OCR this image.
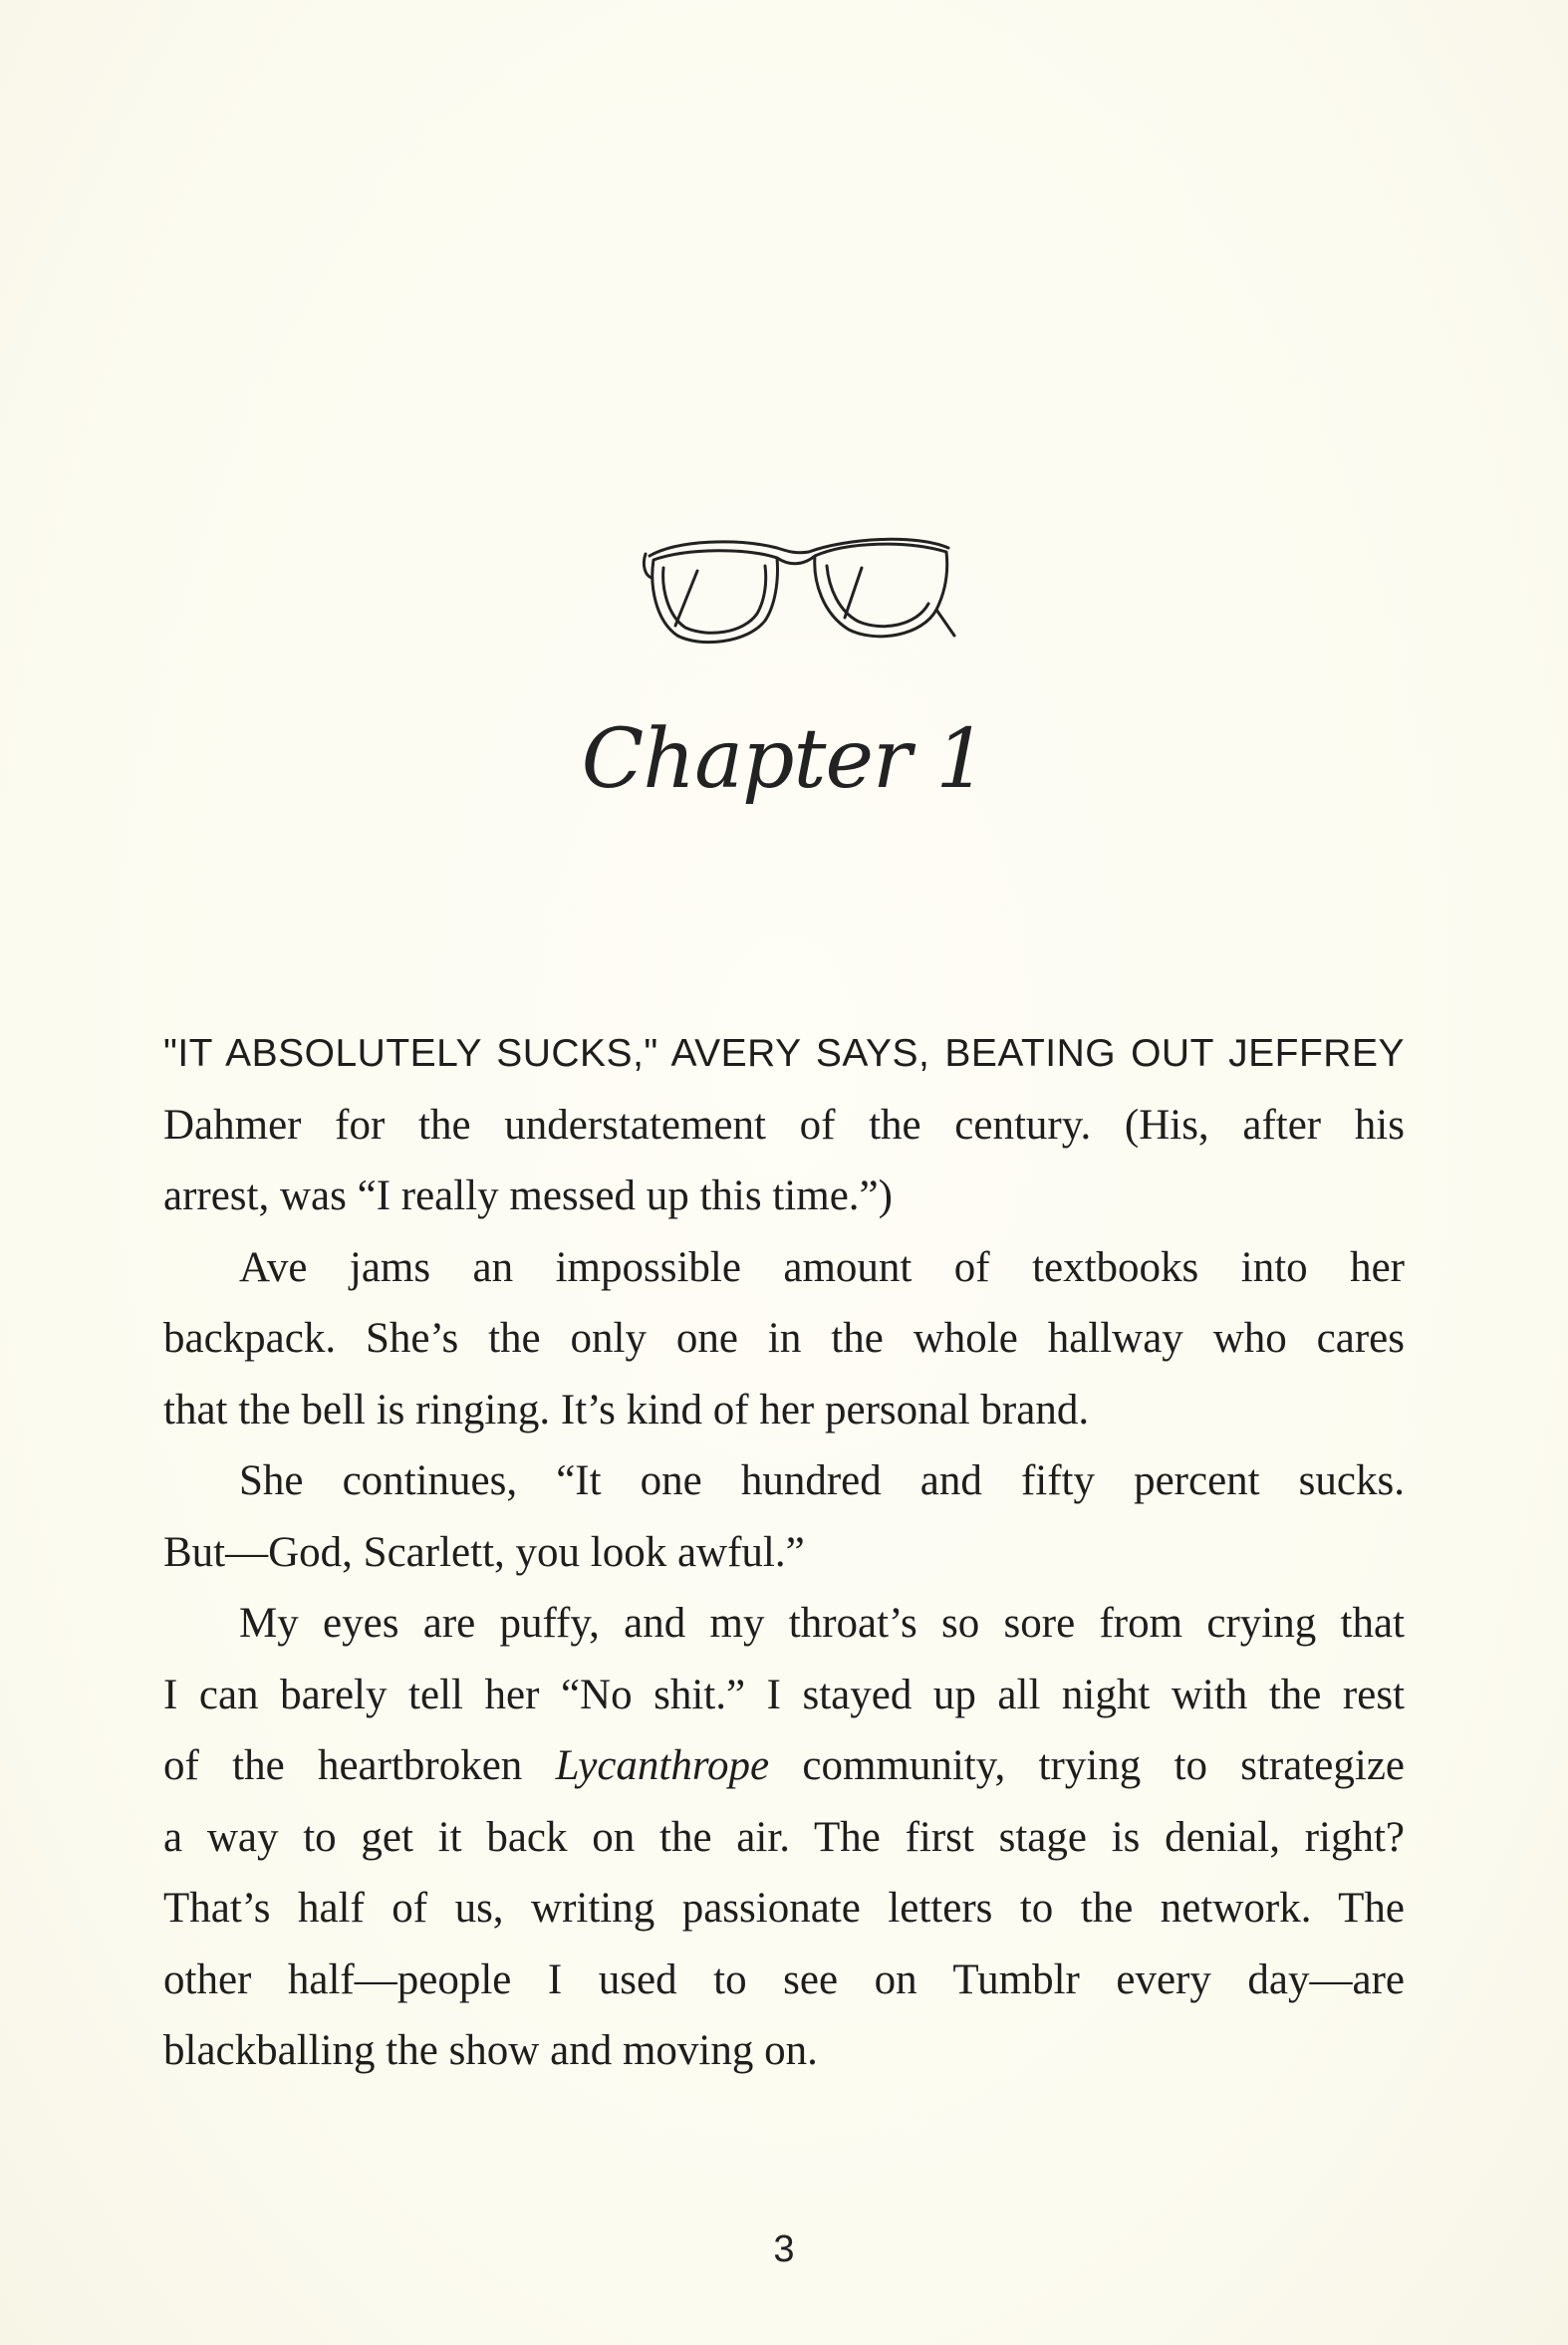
Chapter 1
"IT ABSOLUTELY SUCKS," AVERY SAYS, BEATING OUT JEFFREY
Dahmer for the understatement of the century. (His, after his
arrest, was “I really messed up this time.”)
Ave jams an impossible amount of textbooks into her
backpack. She’s the only one in the whole hallway who cares
that the bell is ringing. It’s kind of her personal brand.
She continues, “It one hundred and fifty percent sucks.
But—God, Scarlett, you look awful.”
My eyes are puffy, and my throat’s so sore from crying that
I can barely tell her “No shit.” I stayed up all night with the rest
of the heartbroken Lycanthrope community, trying to strategize
a way to get it back on the air. The first stage is denial, right?
That’s half of us, writing passionate letters to the network. The
other half—people I used to see on Tumblr every day—are
blackballing the show and moving on.
3
